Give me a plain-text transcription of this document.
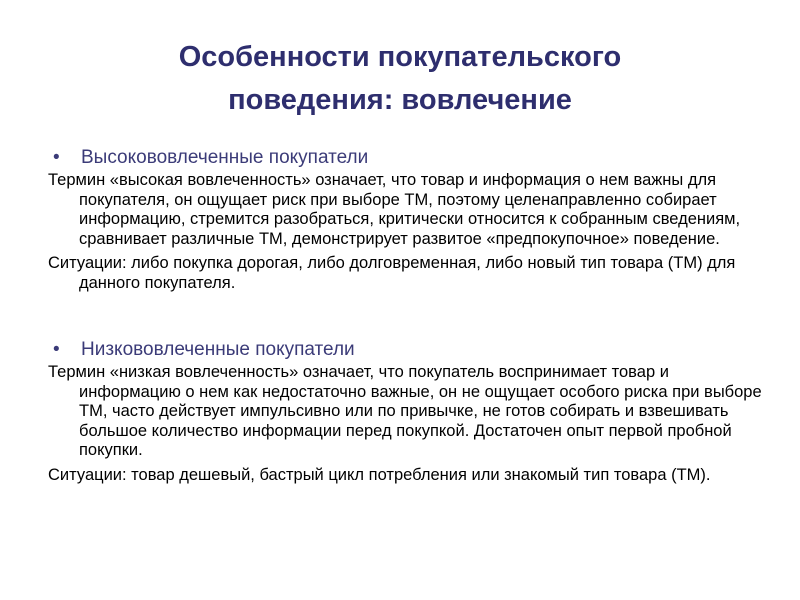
Особенности покупательского
поведения: вовлечение
• Высокововлеченные покупатели
Термин «высокая вовлеченность» означает, что товар и информация о нем важны для покупателя, он ощущает риск при выборе ТМ, поэтому целенаправленно собирает информацию, стремится разобраться, критически относится к собранным сведениям, сравнивает различные ТМ, демонстрирует развитое «предпокупочное» поведение.
Ситуации: либо покупка дорогая, либо долговременная, либо новый тип товара (ТМ) для данного покупателя.
• Низкововлеченные покупатели
Термин «низкая вовлеченность» означает, что покупатель воспринимает товар и информацию о нем как недостаточно важные, он не ощущает особого риска при выборе ТМ, часто действует импульсивно или по привычке, не готов собирать и взвешивать большое количество информации перед покупкой. Достаточен опыт первой пробной покупки.
Ситуации: товар дешевый, бастрый цикл потребления или знакомый тип товара (ТМ).
